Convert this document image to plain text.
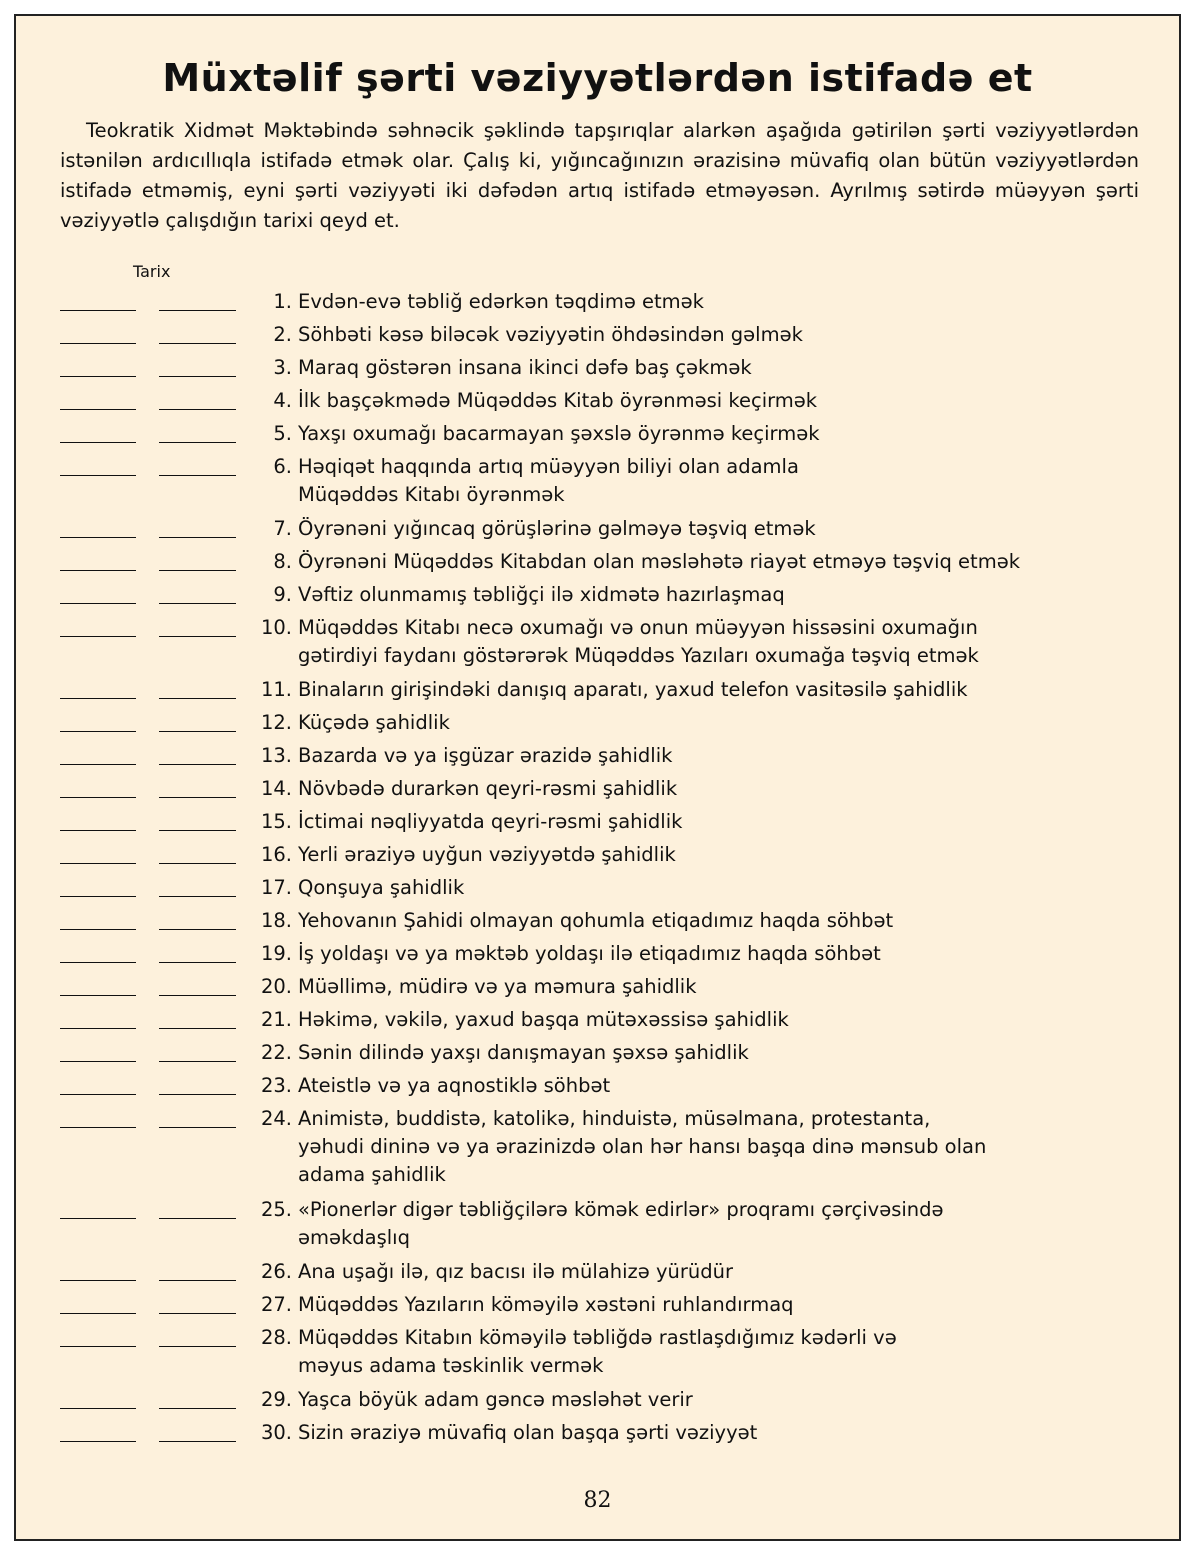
Müxtəlif şərti vəziyyətlərdən istifadə et
Teokratik Xidmət Məktəbində səhnəcik şəklində tapşırıqlar alarkən aşağıda gətirilən şərti vəziyyətlərdən istənilən ardıcıllıqla istifadə etmək olar. Çalış ki, yığıncağınızın ərazisinə müvafiq olan bütün vəziyyətlərdən istifadə etməmiş, eyni şərti vəziyyəti iki dəfədən artıq istifadə etməyəsən. Ayrılmış sətirdə müəyyən şərti vəziyyətlə çalışdığın tarixi qeyd et.
Tarix
1. Evdən-evə təbliğ edərkən təqdimə etmək
2. Söhbəti kəsə biləcək vəziyyətin öhdəsindən gəlmək
3. Maraq göstərən insana ikinci dəfə baş çəkmək
4. İlk başçəkmədə Müqəddəs Kitab öyrənməsi keçirmək
5. Yaxşı oxumağı bacarmayan şəxslə öyrənmə keçirmək
6. Həqiqət haqqında artıq müəyyən biliyi olan adamla
Müqəddəs Kitabı öyrənmək
7. Öyrənəni yığıncaq görüşlərinə gəlməyə təşviq etmək
8. Öyrənəni Müqəddəs Kitabdan olan məsləhətə riayət etməyə təşviq etmək
9. Vəftiz olunmamış təbliğçi ilə xidmətə hazırlaşmaq
10. Müqəddəs Kitabı necə oxumağı və onun müəyyən hissəsini oxumağın
gətirdiyi faydanı göstərərək Müqəddəs Yazıları oxumağa təşviq etmək
11. Binaların girişindəki danışıq aparatı, yaxud telefon vasitəsilə şahidlik
12. Küçədə şahidlik
13. Bazarda və ya işgüzar ərazidə şahidlik
14. Növbədə durarkən qeyri-rəsmi şahidlik
15. İctimai nəqliyyatda qeyri-rəsmi şahidlik
16. Yerli əraziyə uyğun vəziyyətdə şahidlik
17. Qonşuya şahidlik
18. Yehovanın Şahidi olmayan qohumla etiqadımız haqda söhbət
19. İş yoldaşı və ya məktəb yoldaşı ilə etiqadımız haqda söhbət
20. Müəllimə, müdirə və ya məmura şahidlik
21. Həkimə, vəkilə, yaxud başqa mütəxəssisə şahidlik
22. Sənin dilində yaxşı danışmayan şəxsə şahidlik
23. Ateistlə və ya aqnostiklə söhbət
24. Animistə, buddistə, katolikə, hinduistə, müsəlmana, protestanta,
yəhudi dininə və ya ərazinizdə olan hər hansı başqa dinə mənsub olan
adama şahidlik
25. «Pionerlər digər təbliğçilərə kömək edirlər» proqramı çərçivəsində
əməkdaşlıq
26. Ana uşağı ilə, qız bacısı ilə mülahizə yürüdür
27. Müqəddəs Yazıların köməyilə xəstəni ruhlandırmaq
28. Müqəddəs Kitabın köməyilə təbliğdə rastlaşdığımız kədərli və
məyus adama təskinlik vermək
29. Yaşca böyük adam gəncə məsləhət verir
30. Sizin əraziyə müvafiq olan başqa şərti vəziyyət
82
